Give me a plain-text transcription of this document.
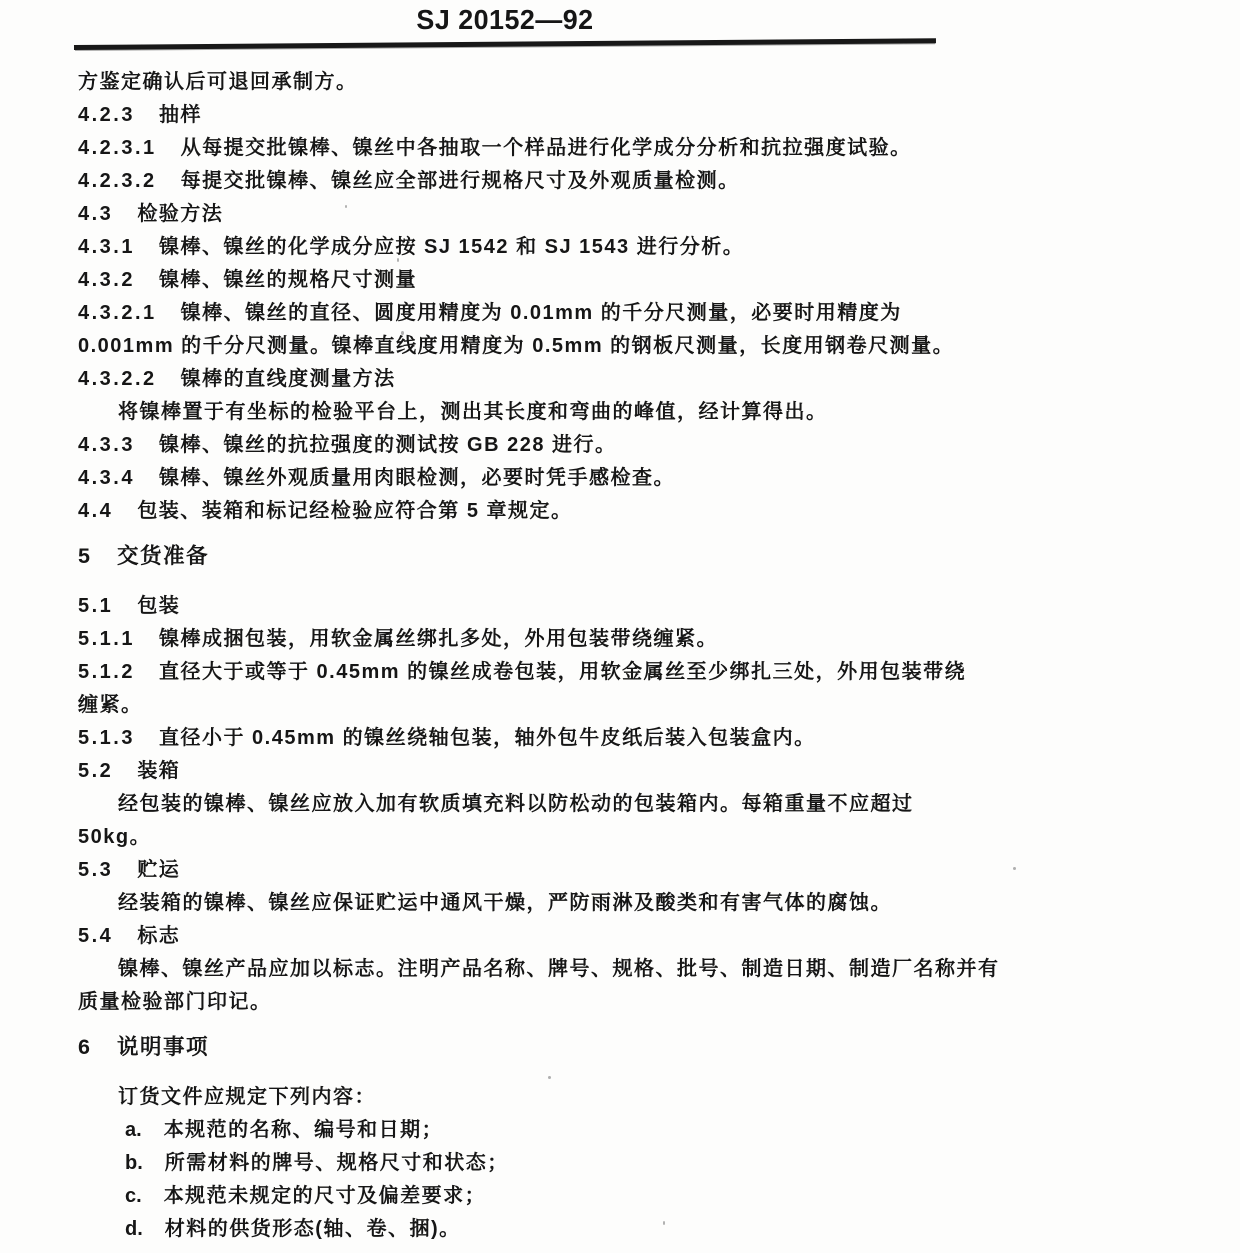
SJ 20152—92
方鉴定确认后可退回承制方。
4.2.3 抽样
4.2.3.1 从每提交批镍棒、镍丝中各抽取一个样品进行化学成分分析和抗拉强度试验。
4.2.3.2 每提交批镍棒、镍丝应全部进行规格尺寸及外观质量检测。
4.3 检验方法
4.3.1 镍棒、镍丝的化学成分应按 SJ 1542 和 SJ 1543 进行分析。
4.3.2 镍棒、镍丝的规格尺寸测量
4.3.2.1 镍棒、镍丝的直径、圆度用精度为 0.01mm 的千分尺测量，必要时用精度为
0.001mm 的千分尺测量。镍棒直线度用精度为 0.5mm 的钢板尺测量，长度用钢卷尺测量。
4.3.2.2 镍棒的直线度测量方法
将镍棒置于有坐标的检验平台上，测出其长度和弯曲的峰值，经计算得出。
4.3.3 镍棒、镍丝的抗拉强度的测试按 GB 228 进行。
4.3.4 镍棒、镍丝外观质量用肉眼检测，必要时凭手感检查。
4.4 包装、装箱和标记经检验应符合第 5 章规定。
5 交货准备
5.1 包装
5.1.1 镍棒成捆包装，用软金属丝绑扎多处，外用包装带绕缠紧。
5.1.2 直径大于或等于 0.45mm 的镍丝成卷包装，用软金属丝至少绑扎三处，外用包装带绕
缠紧。
5.1.3 直径小于 0.45mm 的镍丝绕轴包装，轴外包牛皮纸后装入包装盒内。
5.2 装箱
经包装的镍棒、镍丝应放入加有软质填充料以防松动的包装箱内。每箱重量不应超过
50kg。
5.3 贮运
经装箱的镍棒、镍丝应保证贮运中通风干燥，严防雨淋及酸类和有害气体的腐蚀。
5.4 标志
镍棒、镍丝产品应加以标志。注明产品名称、牌号、规格、批号、制造日期、制造厂名称并有
质量检验部门印记。
6 说明事项
订货文件应规定下列内容：
a. 本规范的名称、编号和日期；
b. 所需材料的牌号、规格尺寸和状态；
c. 本规范未规定的尺寸及偏差要求；
d. 材料的供货形态(轴、卷、捆)。
